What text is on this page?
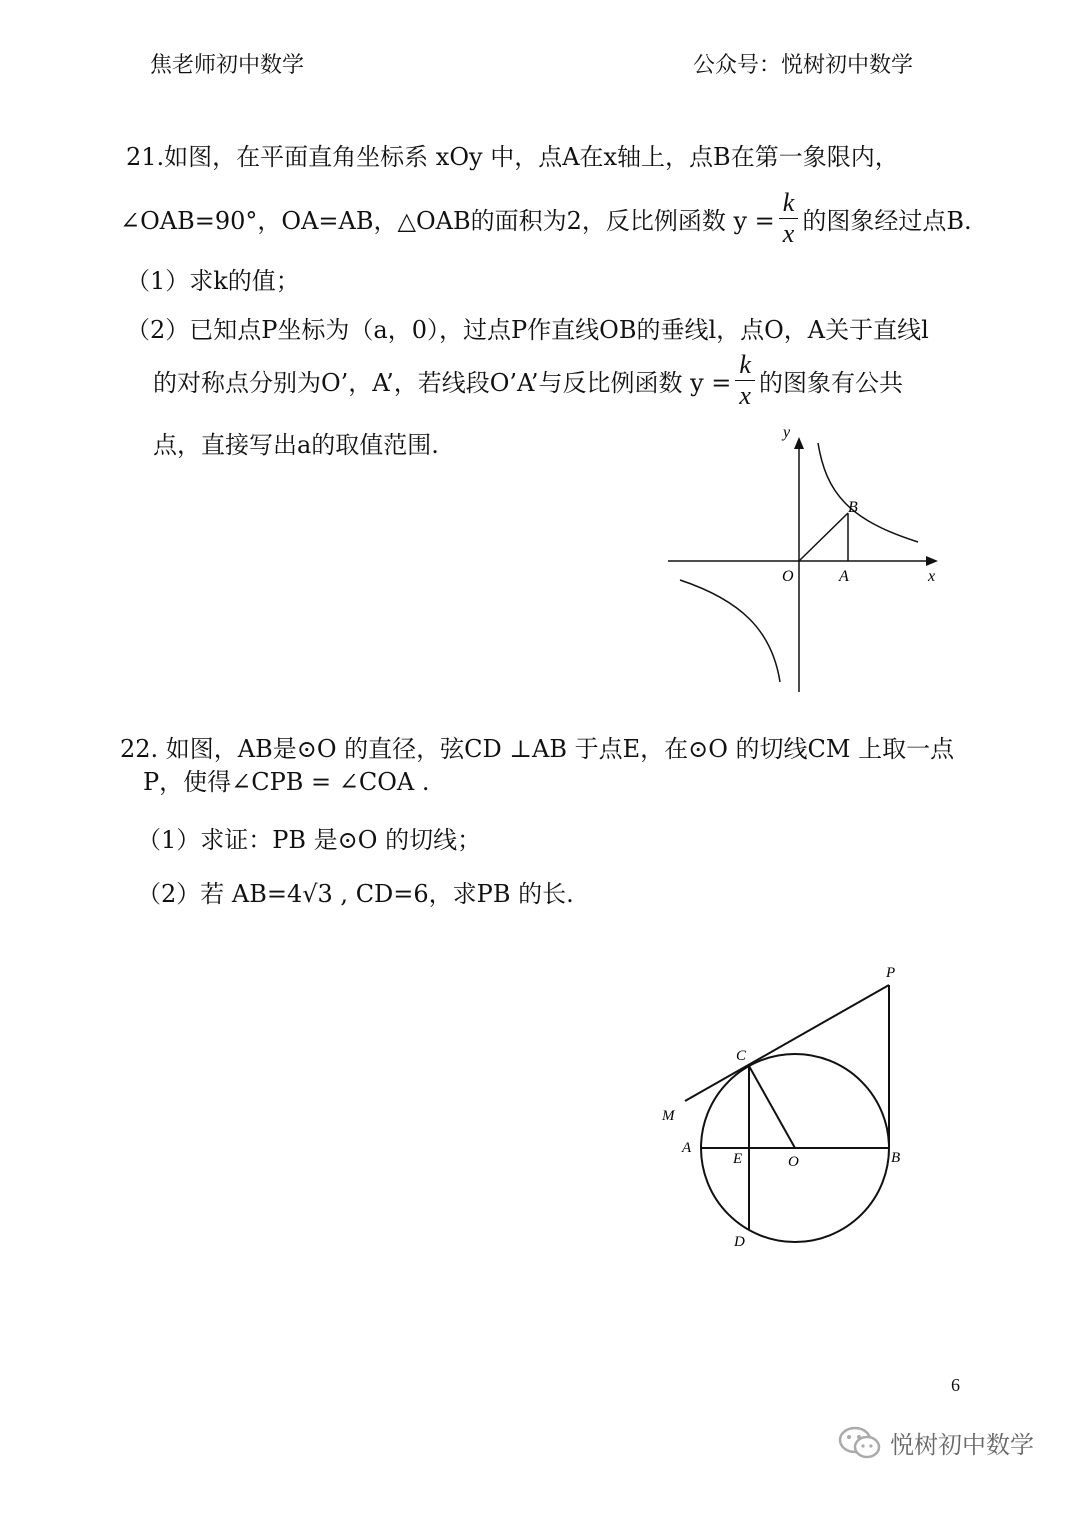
焦老师初中数学	公众号：悦树初中数学
21.如图，在平面直角坐标系 xOy 中，点A在x轴上，点B在第一象限内，
∠OAB=90°，OA=AB，△OAB的面积为2，反比例函数 $y = \frac{k}{x}$ 的图象经过点B.
（1）求k的值；
（2）已知点P坐标为（a，0），过点P作直线OB的垂线l，点O，A关于直线l
的对称点分别为O’，A’，若线段O’A’与反比例函数 $y = \frac{k}{x}$ 的图象有公共
点，直接写出a的取值范围.	y
x
O	A
B
22. 如图，AB是⊙O 的直径，弦CD ⊥AB 于点E，在⊙O 的切线CM 上取一点
P，使得∠CPB = ∠COA .
（1）求证：PB 是⊙O 的切线；
（2）若 AB=4√3 , CD=6，求PB 的长.
P
C
M
A
E	O	B
D
6
悦树初中数学
